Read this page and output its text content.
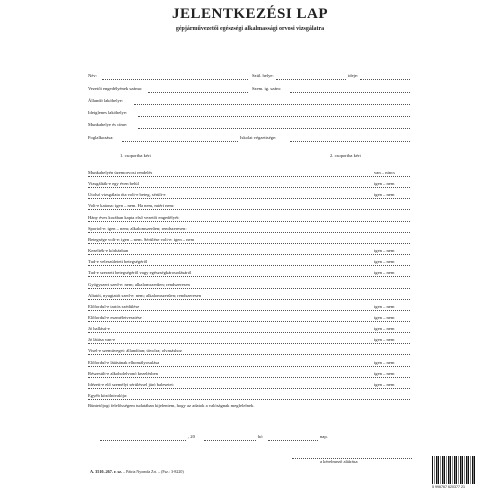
JELENTKEZÉSI LAP
gépjárművezetői egészségi alkalmassági orvosi vizsgálatra
Név:	Szül. helye:	ideje:
Vezetői engedélyének száma:	Szem. ig. szám:
Állandó lakóhelye:
Ideiglenes lakóhelye:
Munkahelye és címe:
Foglalkozása:	Iskolai végzettsége:
1. csoportba kéri	2. csoportba kéri
Munkahelyén üzemorvosi rendelés	van – nincs
Vizsgálták-e egy éven belül	igen – nem
Utolsó vizsgálata óta volt-e beteg, sérült-e	igen – nem
Volt-e katona: igen – nem. Ha nem, miért nem:
Hány éves korában kapta első vezetői engedélyét:
Sportol-e: igen – nem; alkalomszerűen; rendszeresen:
Betegsége volt-e: igen – nem. Sérülése volt-e: igen – nem
Kezelték-e kórházban	igen – nem
Tud-e veleszületett betegségéről	igen – nem
Tud-e szerzett betegségéről vagy egészségkárosodásáról	igen – nem
Gyógyszert szed-e: nem; alkalomszerűen; rendszeresen
Altatót, nyugtatót szed-e: nem; alkalomszerűen; rendszeresen
Előfordul-e tartós szédülése	igen – nem
Előfordul-e eszméletvesztése	igen – nem
Jó hallású-e	igen – nem
Jó látása van-e	igen – nem
Visel-e szemüveget: állandóan; távolra; olvasáshoz
Előfordul-e látásának elhomályosulása	igen – nem
Részesült-e alkoholelvonó kezelésben	igen – nem
Idézett-e elő személyi sérüléssel járó balesetet:	igen – nem
Egyéb közölnivalója:
Büntetőjogi felelősségem tudatában kijelentem, hogy az adatok a valóságnak megfelelnek.
, 20	hó	nap.
a kérelmező aláírása
A. 3510–267. r. sz. – Pátria Nyomda Zrt. – (Fsz.: 3-8220)
5 996767 620377 21
